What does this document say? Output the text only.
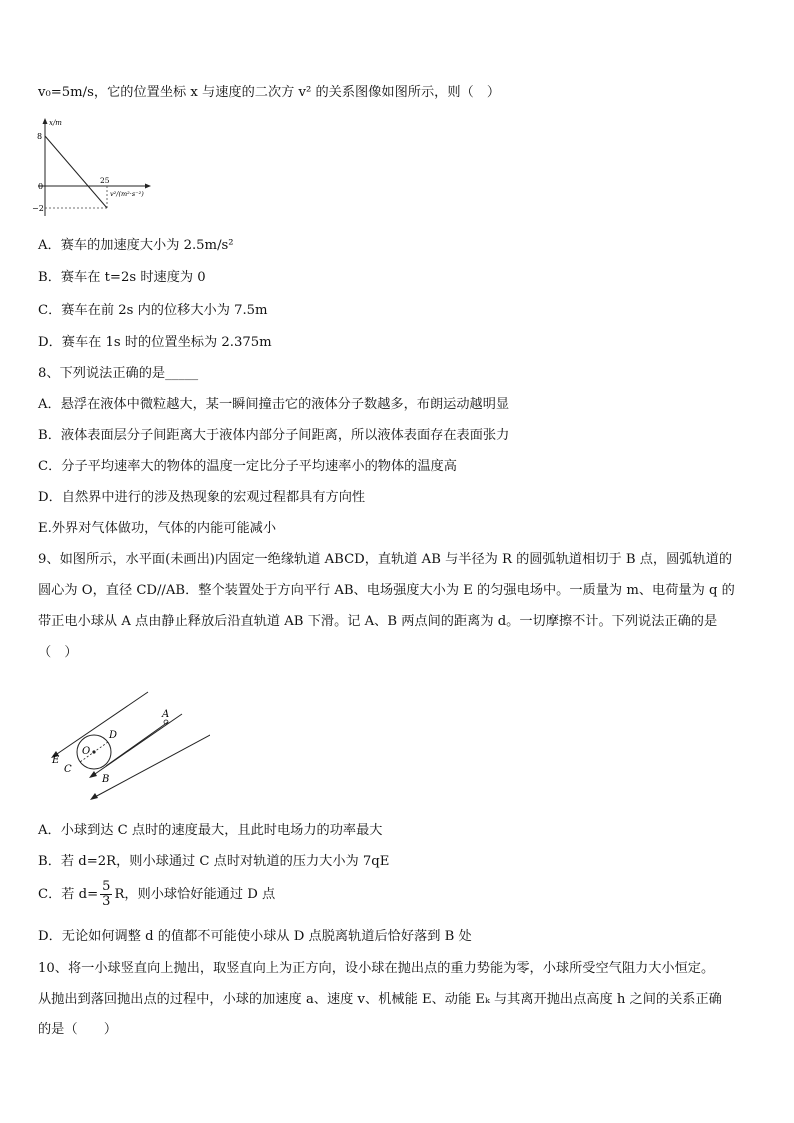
v₀=5m/s，它的位置坐标 x 与速度的二次方 v² 的关系图像如图所示，则（　）
x/m
8
0
−2
25
v²/(m²·s⁻²)
A．赛车的加速度大小为 2.5m/s²
B．赛车在 t=2s 时速度为 0
C．赛车在前 2s 内的位移大小为 7.5m
D．赛车在 1s 时的位置坐标为 2.375m
8、下列说法正确的是_____
A．悬浮在液体中微粒越大，某一瞬间撞击它的液体分子数越多，布朗运动越明显
B．液体表面层分子间距离大于液体内部分子间距离，所以液体表面存在表面张力
C．分子平均速率大的物体的温度一定比分子平均速率小的物体的温度高
D．自然界中进行的涉及热现象的宏观过程都具有方向性
E.外界对气体做功，气体的内能可能减小
9、如图所示，水平面(未画出)内固定一绝缘轨道 ABCD，直轨道 AB 与半径为 R 的圆弧轨道相切于 B 点，圆弧轨道的
圆心为 O，直径 CD//AB．整个装置处于方向平行 AB、电场强度大小为 E 的匀强电场中。一质量为 m、电荷量为 q 的
带正电小球从 A 点由静止释放后沿直轨道 AB 下滑。记 A、B 两点间的距离为 d。一切摩擦不计。下列说法正确的是
（　）
A
B
C
D
E
O
A．小球到达 C 点时的速度最大，且此时电场力的功率最大
B．若 d=2R，则小球通过 C 点时对轨道的压力大小为 7qE
C．若 $d= \frac{5}{3}$ R，则小球恰好能通过 D 点
D．无论如何调整 d 的值都不可能使小球从 D 点脱离轨道后恰好落到 B 处
10、将一小球竖直向上抛出，取竖直向上为正方向，设小球在抛出点的重力势能为零，小球所受空气阻力大小恒定。
从抛出到落回抛出点的过程中，小球的加速度 a、速度 v、机械能 E、动能 Eₖ 与其离开抛出点高度 h 之间的关系正确
的是（　　）
